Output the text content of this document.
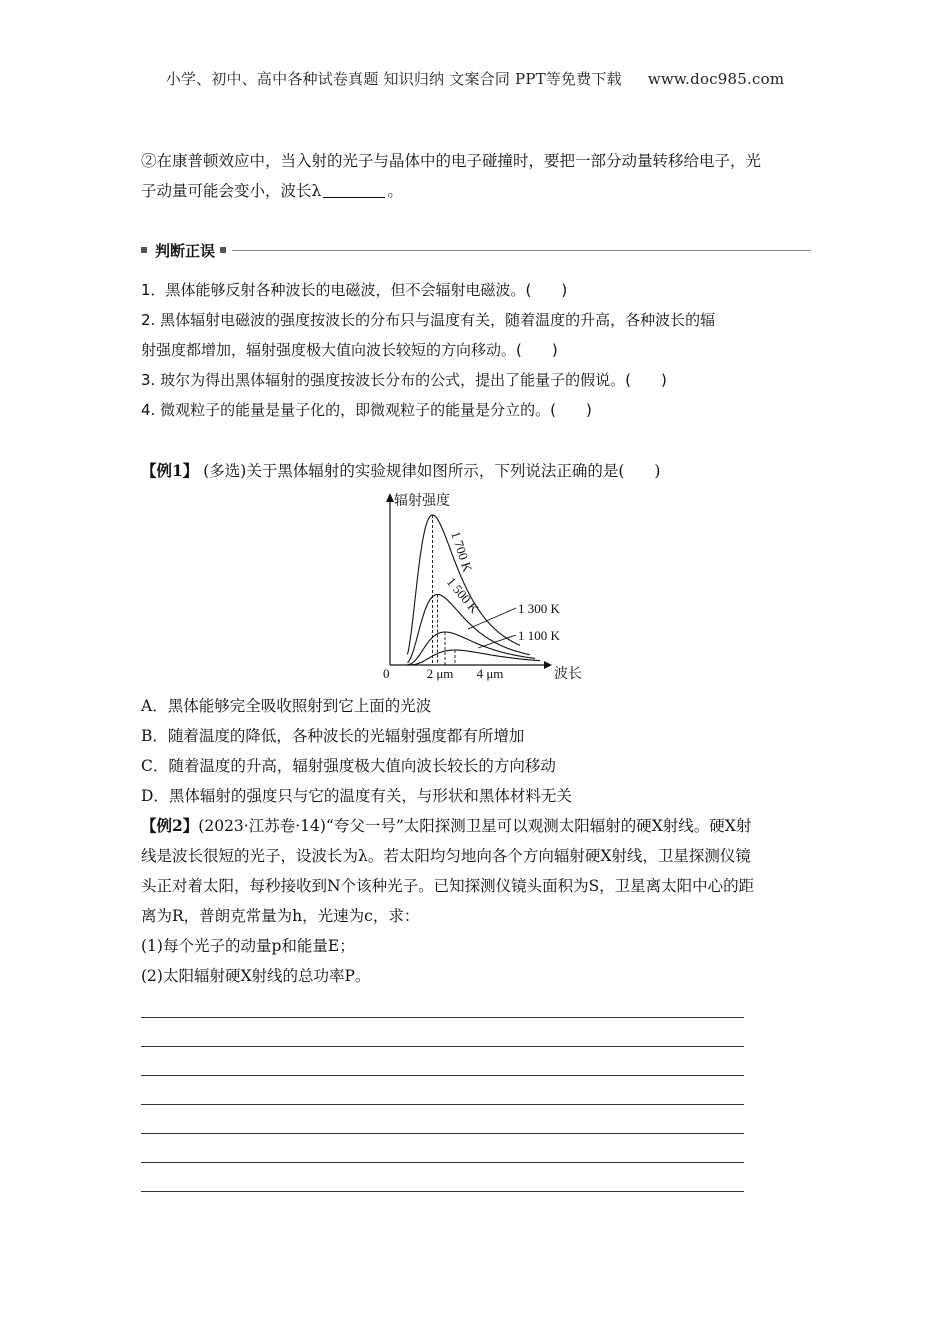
小学、初中、高中各种试卷真题 知识归纳 文案合同 PPT等免费下载 www.doc985.com
②在康普顿效应中，当入射的光子与晶体中的电子碰撞时，要把一部分动量转移给电子，光
子动量可能会变小，波长λ	。
判断正误
1．黑体能够反射各种波长的电磁波，但不会辐射电磁波。( )
2. 黑体辐射电磁波的强度按波长的分布只与温度有关，随着温度的升高，各种波长的辐
射强度都增加，辐射强度极大值向波长较短的方向移动。( )
3. 玻尔为得出黑体辐射的强度按波长分布的公式，提出了能量子的假说。( )
4. 微观粒子的能量是量子化的，即微观粒子的能量是分立的。( )
【例1】 (多选)关于黑体辐射的实验规律如图所示，下列说法正确的是( )
辐射强度
波长
0	2 μm 4 μm
1 700 K
1 500 K	1 300 K
1 100 K
A．黑体能够完全吸收照射到它上面的光波
B．随着温度的降低，各种波长的光辐射强度都有所增加
C．随着温度的升高，辐射强度极大值向波长较长的方向移动
D．黑体辐射的强度只与它的温度有关，与形状和黑体材料无关
【例2】(2023·江苏卷·14)“夸父一号”太阳探测卫星可以观测太阳辐射的硬X射线。硬X射
线是波长很短的光子，设波长为λ。若太阳均匀地向各个方向辐射硬X射线，卫星探测仪镜
头正对着太阳，每秒接收到N个该种光子。已知探测仪镜头面积为S，卫星离太阳中心的距
离为R，普朗克常量为h，光速为c，求：
(1)每个光子的动量p和能量E；
(2)太阳辐射硬X射线的总功率P。
